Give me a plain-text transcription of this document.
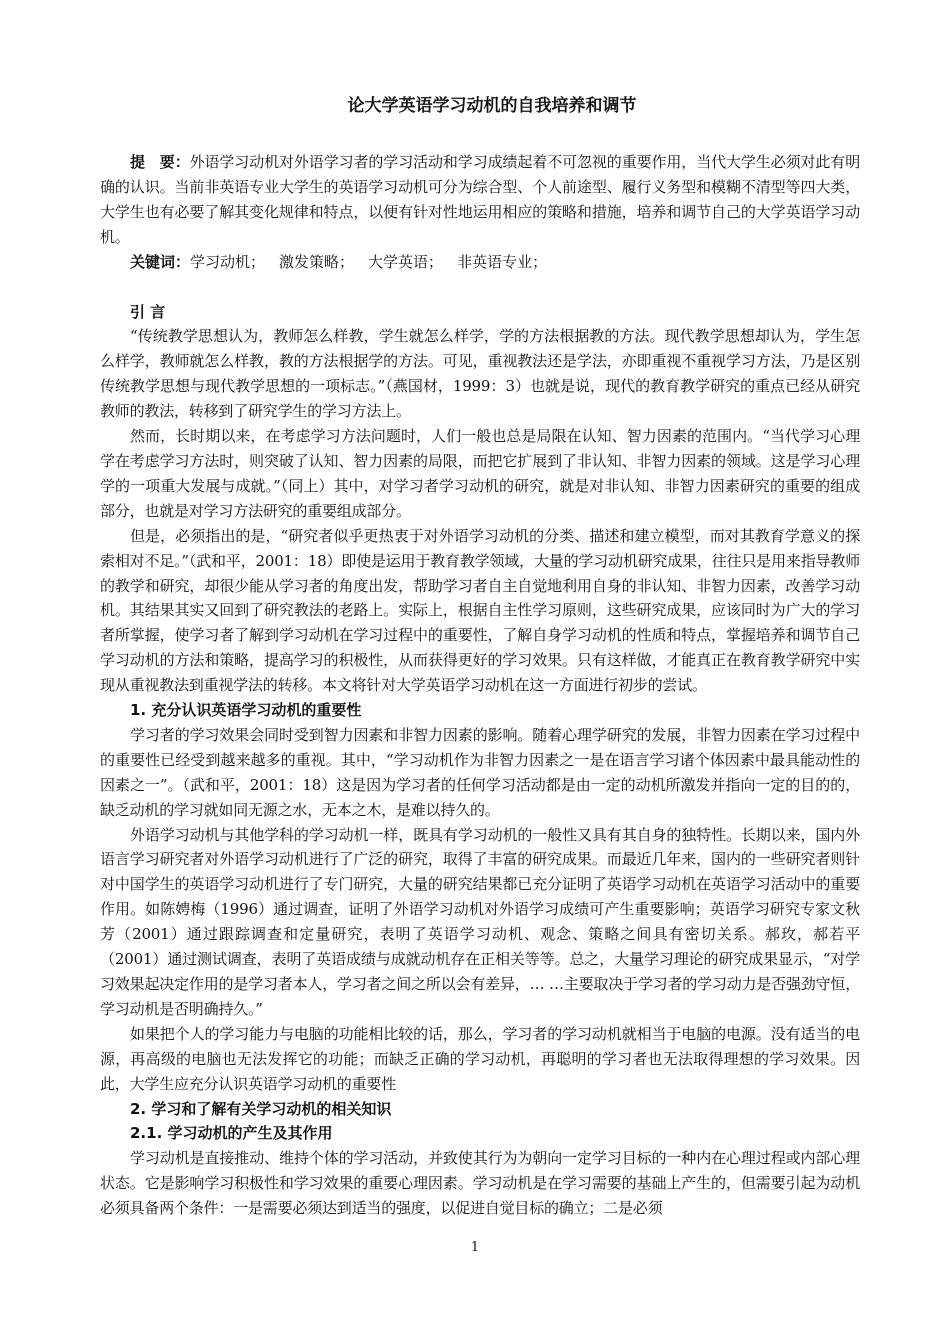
论大学英语学习动机的自我培养和调节

提　要：外语学习动机对外语学习者的学习活动和学习成绩起着不可忽视的重要作用，当代大学生必须对此有明确的认识。当前非英语专业大学生的英语学习动机可分为综合型、个人前途型、履行义务型和模糊不清型等四大类，大学生也有必要了解其变化规律和特点，以便有针对性地运用相应的策略和措施，培养和调节自己的大学英语学习动机。

关键词：学习动机； 激发策略； 大学英语； 非英语专业；

引 言

“传统教学思想认为，教师怎么样教，学生就怎么样学，学的方法根据教的方法。现代教学思想却认为，学生怎么样学，教师就怎么样教，教的方法根据学的方法。可见，重视教法还是学法，亦即重视不重视学习方法，乃是区别传统教学思想与现代教学思想的一项标志。”（燕国材，1999：3）也就是说，现代的教育教学研究的重点已经从研究教师的教法，转移到了研究学生的学习方法上。

然而，长时期以来，在考虑学习方法问题时，人们一般也总是局限在认知、智力因素的范围内。“当代学习心理学在考虑学习方法时，则突破了认知、智力因素的局限，而把它扩展到了非认知、非智力因素的领域。这是学习心理学的一项重大发展与成就。”（同上）其中，对学习者学习动机的研究，就是对非认知、非智力因素研究的重要的组成部分，也就是对学习方法研究的重要组成部分。

但是，必须指出的是，“研究者似乎更热衷于对外语学习动机的分类、描述和建立模型，而对其教育学意义的探索相对不足。”（武和平，2001：18）即使是运用于教育教学领域，大量的学习动机研究成果，往往只是用来指导教师的教学和研究，却很少能从学习者的角度出发，帮助学习者自主自觉地利用自身的非认知、非智力因素，改善学习动机。其结果其实又回到了研究教法的老路上。实际上，根据自主性学习原则，这些研究成果，应该同时为广大的学习者所掌握，使学习者了解到学习动机在学习过程中的重要性，了解自身学习动机的性质和特点，掌握培养和调节自己学习动机的方法和策略，提高学习的积极性，从而获得更好的学习效果。只有这样做，才能真正在教育教学研究中实现从重视教法到重视学法的转移。本文将针对大学英语学习动机在这一方面进行初步的尝试。

1. 充分认识英语学习动机的重要性

学习者的学习效果会同时受到智力因素和非智力因素的影响。随着心理学研究的发展，非智力因素在学习过程中的重要性已经受到越来越多的重视。其中，“学习动机作为非智力因素之一是在语言学习诸个体因素中最具能动性的因素之一”。（武和平，2001：18）这是因为学习者的任何学习活动都是由一定的动机所激发并指向一定的目的的，缺乏动机的学习就如同无源之水，无本之木，是难以持久的。

外语学习动机与其他学科的学习动机一样，既具有学习动机的一般性又具有其自身的独特性。长期以来，国内外语言学习研究者对外语学习动机进行了广泛的研究，取得了丰富的研究成果。而最近几年来，国内的一些研究者则针对中国学生的英语学习动机进行了专门研究，大量的研究结果都已充分证明了英语学习动机在英语学习活动中的重要作用。如陈娉梅（1996）通过调查，证明了外语学习动机对外语学习成绩可产生重要影响；英语学习研究专家文秋芳（2001）通过跟踪调查和定量研究，表明了英语学习动机、观念、策略之间具有密切关系。郝玫，郝若平（2001）通过测试调查，表明了英语成绩与成就动机存在正相关等等。总之，大量学习理论的研究成果显示，“对学习效果起决定作用的是学习者本人，学习者之间之所以会有差异，… …主要取决于学习者的学习动力是否强劲守恒，学习动机是否明确持久。”

如果把个人的学习能力与电脑的功能相比较的话，那么，学习者的学习动机就相当于电脑的电源。没有适当的电源，再高级的电脑也无法发挥它的功能；而缺乏正确的学习动机，再聪明的学习者也无法取得理想的学习效果。因此，大学生应充分认识英语学习动机的重要性

2. 学习和了解有关学习动机的相关知识

2.1. 学习动机的产生及其作用

学习动机是直接推动、维持个体的学习活动，并致使其行为为朝向一定学习目标的一种内在心理过程或内部心理状态。它是影响学习积极性和学习效果的重要心理因素。学习动机是在学习需要的基础上产生的，但需要引起为动机必须具备两个条件：一是需要必须达到适当的强度，以促进自觉目标的确立；二是必须

1
